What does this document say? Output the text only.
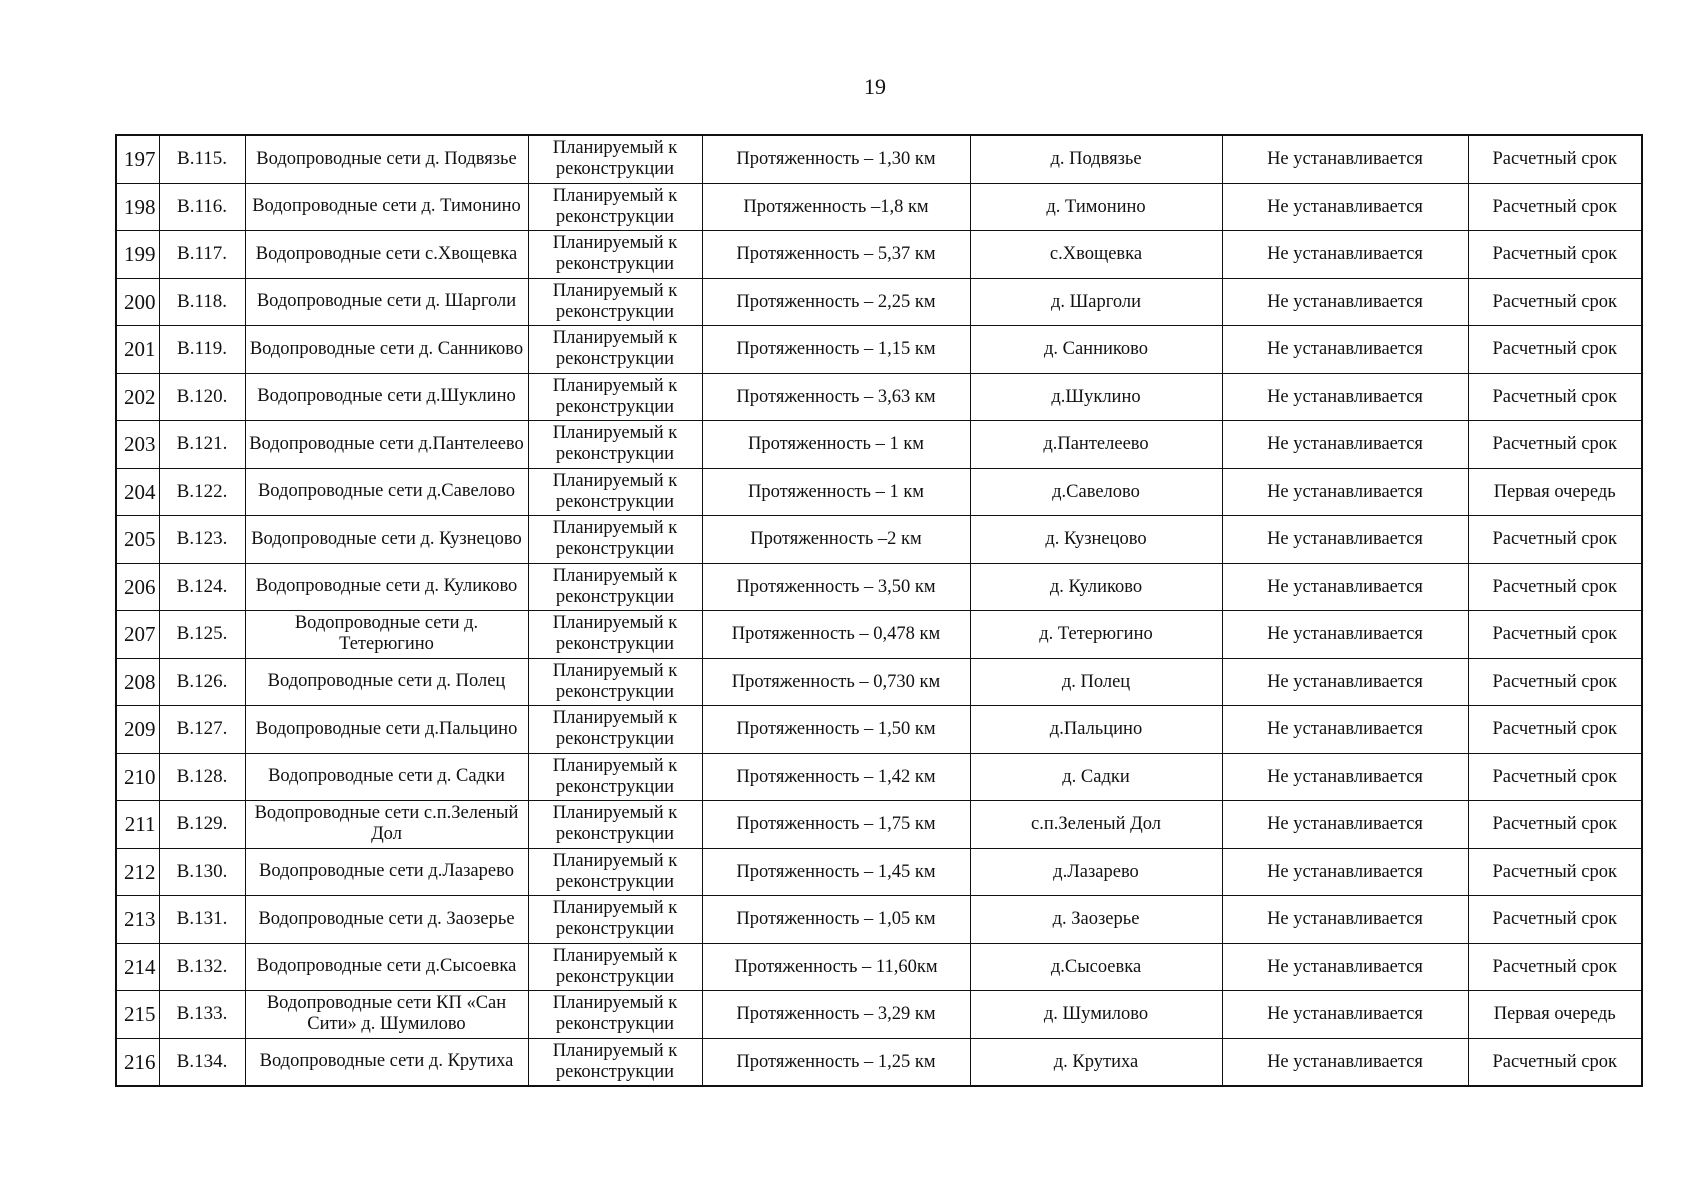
19
197	В.115.	Водопроводные сети д. Подвязье	Планируемый к реконструкции	Протяженность – 1,30 км	д. Подвязье	Не устанавливается	Расчетный срок
198	В.116.	Водопроводные сети д. Тимонино	Планируемый к реконструкции	Протяженность –1,8 км	д. Тимонино	Не устанавливается	Расчетный срок
199	В.117.	Водопроводные сети с.Хвощевка	Планируемый к реконструкции	Протяженность – 5,37 км	с.Хвощевка	Не устанавливается	Расчетный срок
200	В.118.	Водопроводные сети д. Шарголи	Планируемый к реконструкции	Протяженность – 2,25 км	д. Шарголи	Не устанавливается	Расчетный срок
201	В.119.	Водопроводные сети д. Санниково	Планируемый к реконструкции	Протяженность – 1,15 км	д. Санниково	Не устанавливается	Расчетный срок
202	В.120.	Водопроводные сети д.Шуклино	Планируемый к реконструкции	Протяженность – 3,63 км	д.Шуклино	Не устанавливается	Расчетный срок
203	В.121.	Водопроводные сети д.Пантелеево	Планируемый к реконструкции	Протяженность – 1 км	д.Пантелеево	Не устанавливается	Расчетный срок
204	В.122.	Водопроводные сети д.Савелово	Планируемый к реконструкции	Протяженность – 1 км	д.Савелово	Не устанавливается	Первая очередь
205	В.123.	Водопроводные сети д. Кузнецово	Планируемый к реконструкции	Протяженность –2 км	д. Кузнецово	Не устанавливается	Расчетный срок
206	В.124.	Водопроводные сети д. Куликово	Планируемый к реконструкции	Протяженность – 3,50 км	д. Куликово	Не устанавливается	Расчетный срок
207	В.125.	Водопроводные сети д. Тетерюгино	Планируемый к реконструкции	Протяженность – 0,478 км	д. Тетерюгино	Не устанавливается	Расчетный срок
208	В.126.	Водопроводные сети д. Полец	Планируемый к реконструкции	Протяженность – 0,730 км	д. Полец	Не устанавливается	Расчетный срок
209	В.127.	Водопроводные сети д.Пальцино	Планируемый к реконструкции	Протяженность – 1,50 км	д.Пальцино	Не устанавливается	Расчетный срок
210	В.128.	Водопроводные сети д. Садки	Планируемый к реконструкции	Протяженность – 1,42 км	д. Садки	Не устанавливается	Расчетный срок
211	В.129.	Водопроводные сети с.п.Зеленый Дол	Планируемый к реконструкции	Протяженность – 1,75 км	с.п.Зеленый Дол	Не устанавливается	Расчетный срок
212	В.130.	Водопроводные сети д.Лазарево	Планируемый к реконструкции	Протяженность – 1,45 км	д.Лазарево	Не устанавливается	Расчетный срок
213	В.131.	Водопроводные сети д. Заозерье	Планируемый к реконструкции	Протяженность – 1,05 км	д. Заозерье	Не устанавливается	Расчетный срок
214	В.132.	Водопроводные сети д.Сысоевка	Планируемый к реконструкции	Протяженность – 11,60км	д.Сысоевка	Не устанавливается	Расчетный срок
215	В.133.	Водопроводные сети КП «Сан Сити» д. Шумилово	Планируемый к реконструкции	Протяженность – 3,29 км	д. Шумилово	Не устанавливается	Первая очередь
216	В.134.	Водопроводные сети д. Крутиха	Планируемый к реконструкции	Протяженность – 1,25 км	д. Крутиха	Не устанавливается	Расчетный срок
